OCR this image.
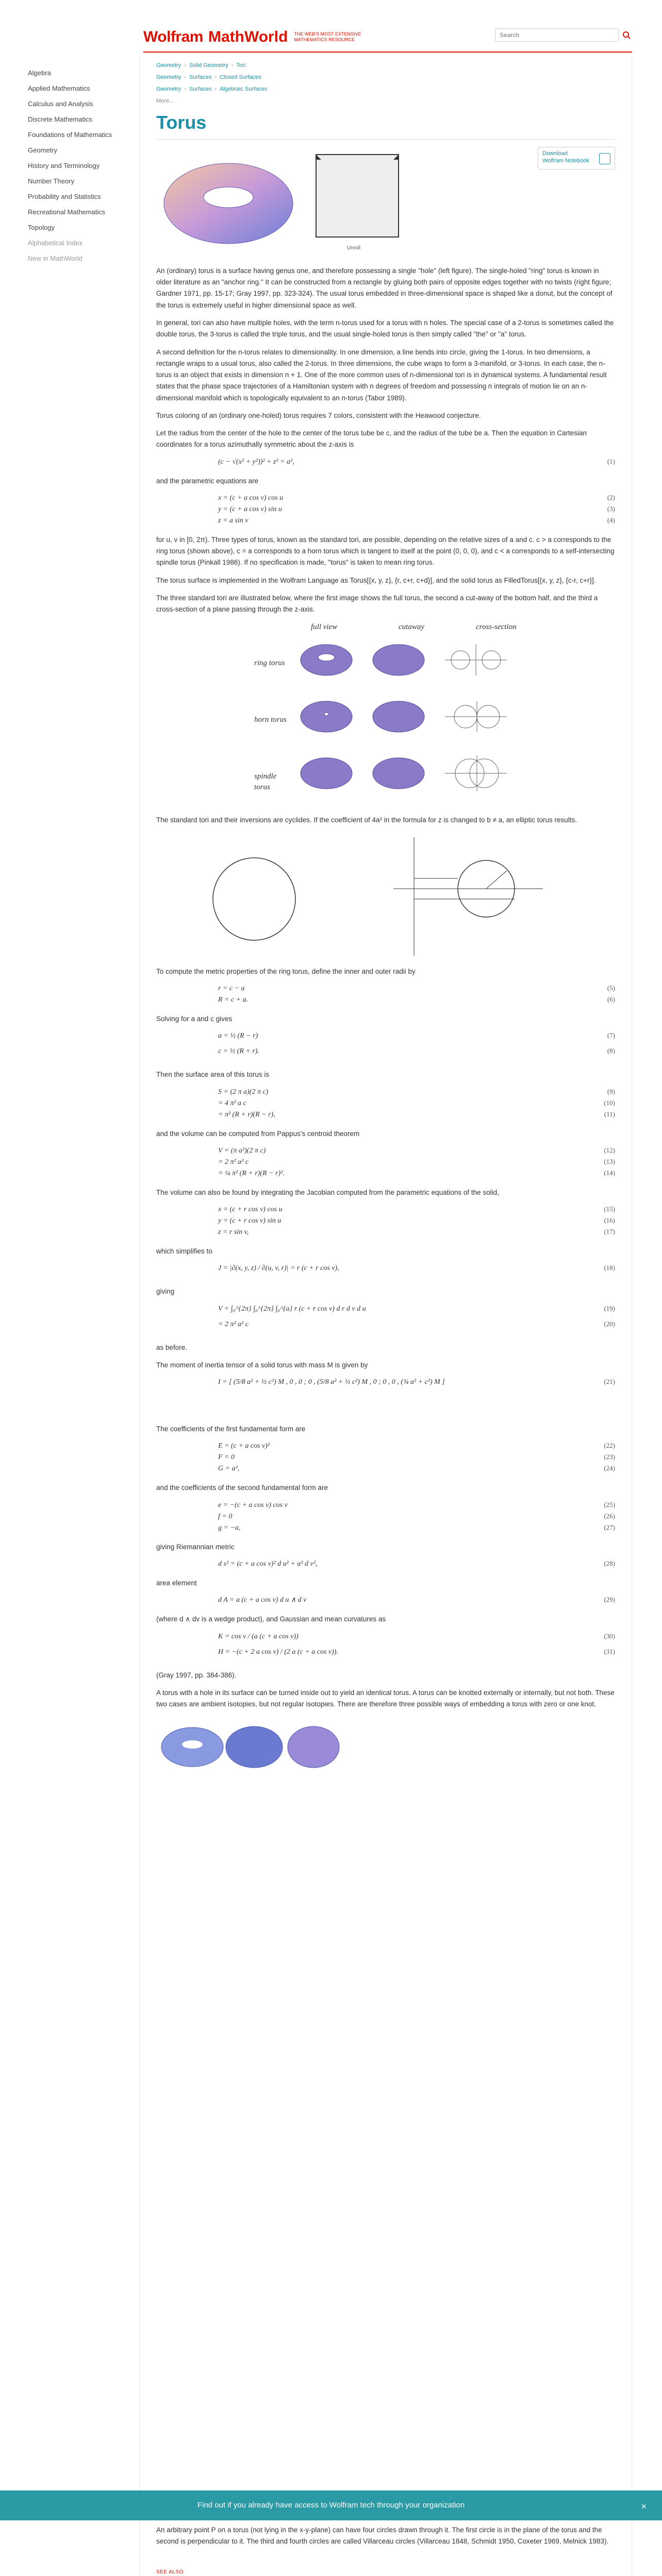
Wolfram MathWorld THE WEB'S MOST EXTENSIVE
MATHEMATICS RESOURCE
Search
Algebra
Applied Mathematics
Calculus and Analysis
Discrete Mathematics
Foundations of Mathematics
Geometry
History and Terminology
Number Theory
Probability and Statistics
Recreational Mathematics
Topology
Alphabetical Index
New in MathWorld
Geometry › Solid Geometry › Tori
Geometry › Surfaces › Closed Surfaces
Geometry › Surfaces › Algebraic Surfaces
More...
Torus
Download
Wolfram Notebook
Unroll

An (ordinary) torus is a surface having genus one, and therefore possessing a single "hole" (left figure). The single-holed "ring" torus is known in older literature as an "anchor ring." It can be constructed from a rectangle by gluing both pairs of opposite edges together with no twists (right figure; Gardner 1971, pp. 15-17; Gray 1997, pp. 323-324). The usual torus embedded in three-dimensional space is shaped like a donut, but the concept of the torus is extremely useful in higher dimensional space as well.

In general, tori can also have multiple holes, with the term n-torus used for a torus with n holes. The special case of a 2-torus is sometimes called the double torus, the 3-torus is called the triple torus, and the usual single-holed torus is then simply called "the" or "a" torus.

A second definition for the n-torus relates to dimensionality. In one dimension, a line bends into circle, giving the 1-torus. In two dimensions, a rectangle wraps to a usual torus, also called the 2-torus. In three dimensions, the cube wraps to form a 3-manifold, or 3-torus. In each case, the n-torus is an object that exists in dimension n + 1. One of the more common uses of n-dimensional tori is in dynamical systems. A fundamental result states that the phase space trajectories of a Hamiltonian system with n degrees of freedom and possessing n integrals of motion lie on an n-dimensional manifold which is topologically equivalent to an n-torus (Tabor 1989).

Torus coloring of an (ordinary one-holed) torus requires 7 colors, consistent with the Heawood conjecture.

Let the radius from the center of the hole to the center of the torus tube be c, and the radius of the tube be a. Then the equation in Cartesian coordinates for a torus azimuthally symmetric about the z-axis is

(c − √(x² + y²))² + z² = a²,	(1)

and the parametric equations are

x = (c + a cos v) cos u	(2)
y = (c + a cos v) sin u	(3)
z = a sin v	(4)

for u, v in [0, 2π). Three types of torus, known as the standard tori, are possible, depending on the relative sizes of a and c. c > a corresponds to the ring torus (shown above), c = a corresponds to a horn torus which is tangent to itself at the point (0, 0, 0), and c < a corresponds to a self-intersecting spindle torus (Pinkall 1986). If no specification is made, "torus" is taken to mean ring torus.

The torus surface is implemented in the Wolfram Language as Torus[{x, y, z}, {r, c+r, c+d}], and the solid torus as FilledTorus[{x, y, z}, {c-r, c+r}].

The three standard tori are illustrated below, where the first image shows the full torus, the second a cut-away of the bottom half, and the third a cross-section of a plane passing through the z-axis.

full view	cutaway	cross-section
ring torus
horn torus
spindle torus

The standard tori and their inversions are cyclides. If the coefficient of 4a² in the formula for z is changed to b ≠ a, an elliptic torus results.

To compute the metric properties of the ring torus, define the inner and outer radii by

r = c − a	(5)
R = c + a.	(6)

Solving for a and c gives

a = ½ (R − r)	(7)
c = ½ (R + r).	(8)

Then the surface area of this torus is

S = (2 π a)(2 π c)	(9)
= 4 π² a c	(10)
= π² (R + r)(R − r),	(11)

and the volume can be computed from Pappus's centroid theorem

V = (π a²)(2 π c)	(12)
= 2 π² a² c	(13)
= ¼ π² (R + r)(R − r)².	(14)

The volume can also be found by integrating the Jacobian computed from the parametric equations of the solid,

x = (c + r cos v) cos u	(15)
y = (c + r cos v) sin u	(16)
z = r sin v,	(17)

which simplifies to

J = |∂(x, y, z) / ∂(u, v, r)| = r (c + r cos v),	(18)

giving

V = ∫₀^{2π} ∫₀^{2π} ∫₀^{a} r (c + r cos v) d r d v d u	(19)
= 2 π² a² c	(20)

as before.

The moment of inertia tensor of a solid torus with mass M is given by

I = [ (5/8 a² + ½ c²) M , 0 , 0 ; 0 , (5/8 a² + ½ c²) M , 0 ; 0 , 0 , (¾ a² + c²) M ]	(21)

The coefficients of the first fundamental form are

E = (c + a cos v)²	(22)
F = 0	(23)
G = a²,	(24)

and the coefficients of the second fundamental form are

e = −(c + a cos v) cos v	(25)
f = 0	(26)
g = −a,	(27)

giving Riemannian metric

d s² = (c + a cos v)² d u² + a² d v²,	(28)

area element

d A = a (c + a cos v) d u ∧ d v	(29)

(where d ∧ dv is a wedge product), and Gaussian and mean curvatures as

K = cos v / (a (c + a cos v))	(30)
H = −(c + 2 a cos v) / (2 a (c + a cos v)).	(31)

(Gray 1997, pp. 384-386).

A torus with a hole in its surface can be turned inside out to yield an identical torus. A torus can be knotted externally or internally, but not both. These two cases are ambient isotopies, but not regular isotopies. There are therefore three possible ways of embedding a torus with zero or one knot.

Find out if you already have access to Wolfram tech through your organization	×

An arbitrary point P on a torus (not lying in the x-y-plane) can have four circles drawn through it. The first circle is in the plane of the torus and the second is perpendicular to it. The third and fourth circles are called Villarceau circles (Villarceau 1848, Schmidt 1950, Coxeter 1969, Melnick 1983).

SEE ALSO
